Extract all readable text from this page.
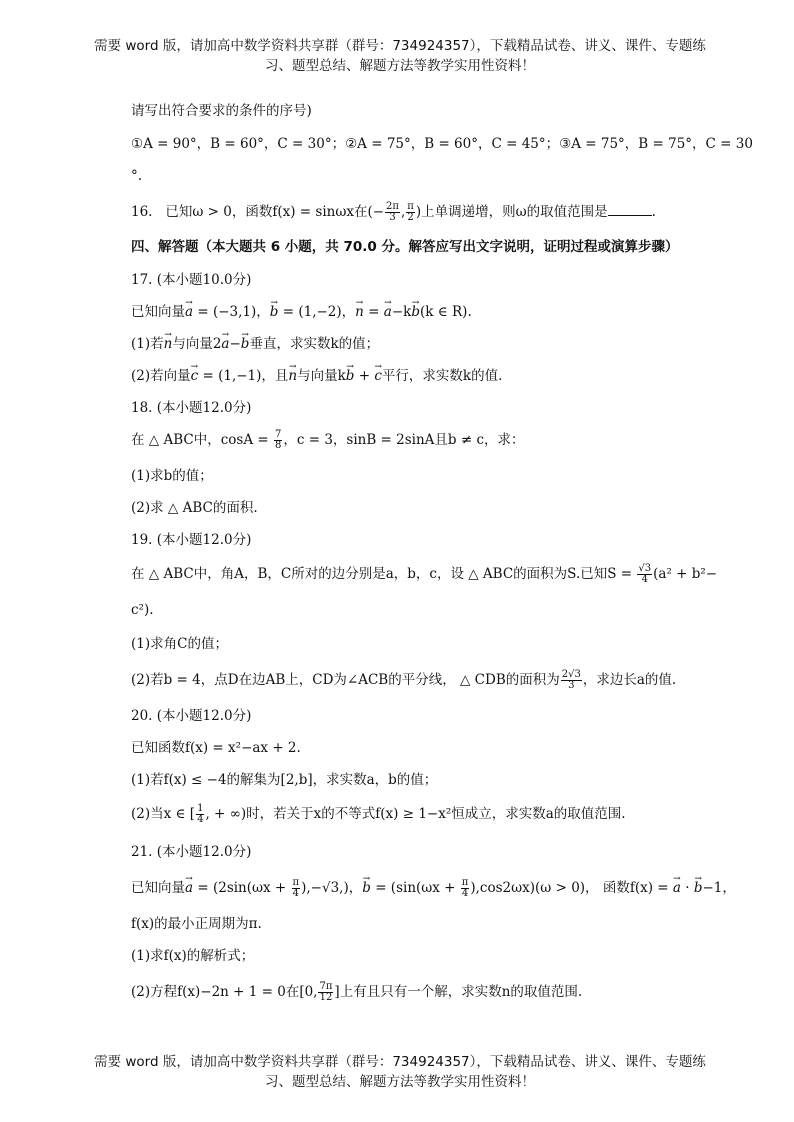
需要 word 版，请加高中数学资料共享群（群号：734924357），下载精品试卷、讲义、课件、专题练
习、题型总结、解题方法等教学实用性资料！
请写出符合要求的条件的序号)
①A = 90°，B = 60°，C = 30°；②A = 75°，B = 60°，C = 45°；③A = 75°，B = 75°，C = 30
°.
16. 已知ω > 0，函数f(x) = sinωx在(− $\frac{2\pi}{3}$ , $\frac{\pi}{2}$ )上单调递增，则ω的取值范围是	.
四、解答题（本大题共 6 小题，共 70.0 分。解答应写出文字说明，证明过程或演算步骤）
17. (本小题10.0分)
已知向量→ a = (−3,1)，→ b = (1,−2)，→ n = → a−k→ b(k ∈ R).
(1)若→ n与向量2→ a−→ b垂直，求实数k的值；
(2)若向量→ c = (1,−1)，且→ n与向量k→ b + → c平行，求实数k的值.
18. (本小题12.0分)
在 △ ABC中，$\cos A = \frac{7}{8}$ ，c = 3，sinB = 2sinA且b ≠ c，求：
(1)求b的值；
(2)求 △ ABC的面积.
19. (本小题12.0分)
在 △ ABC中，角A，B，C所对的边分别是a，b，c，设 △ ABC的面积为S.已知$S = \frac{√3}{4} (a^2 + b^2-$
c²).
(1)求角C的值；
(2)若b = 4，点D在边AB上，CD为∠ACB的平分线， △ CDB的面积为 $\frac{2√3}{3}$ ，求边长a的值.
20. (本小题12.0分)
已知函数f(x) = x²−ax + 2.
(1)若f(x) ≤ −4的解集为[2,b]，求实数a，b的值；
(2)当x ∈ [ $\frac{1}{4}$ , + ∞)时，若关于x的不等式f(x) ≥ 1−x²恒成立，求实数a的取值范围.
21. (本小题12.0分)
已知向量→ $a = (2\sin(\omega x + \frac{\pi}{4} ),-√3,)$，→ $b = (\sin(\omega x + \frac{\pi}{4} ),\cos 2\omega x)(\omega > 0)$， 函数f(x) = → a · → b−1，
f(x)的最小正周期为π.
(1)求f(x)的解析式；
(2)方程f(x)−2n + 1 = 0在[0, $\frac{7\pi}{12}$ ]上有且只有一个解，求实数n的取值范围.
需要 word 版，请加高中数学资料共享群（群号：734924357），下载精品试卷、讲义、课件、专题练
习、题型总结、解题方法等教学实用性资料！
